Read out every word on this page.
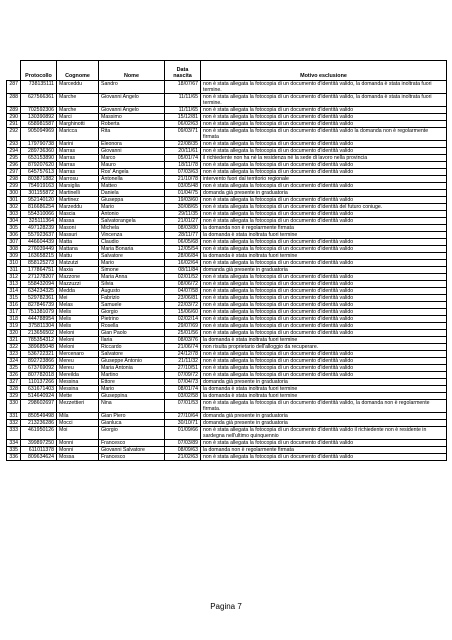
	Protocollo	Cognome	Nome	Data nascita	Motivo esclusione
287	738135111	Marceddu	Sandro	18/07/67	non è stata allegata la fotocopia di un documento d'identità valido, la domanda è stata inoltrata fuori termine.
288	627566361	Marche	Giovanni Angelo	11/11/65	non è stata allegata la fotocopia di un documento d'identità valido, la domanda è stata inoltrata fuori termine.
289	702592306	Marche	Giovanni Angelo	11/11/65	non è stata allegata la fotocopia di un documento d'identità valido
290	130390892	Marci	Massimo	15/12/81	non è stata allegata la fotocopia di un documento d'identità valido
291	658981587	Marghinotti	Roberta	06/02/63	non è stata allegata la fotocopia di un documento d'identità valido
292	905094969	Maricca	Rita	09/03/71	non è stata allegata la fotocopia di un documento d'identità valido la domanda non è regolarmente firmata
293	179790738	Marini	Eleonora	22/08/35	non è stata allegata la fotocopia di un documento d'identità valido
294	289736360	Marras	Giovanni	20/11/61	non è stata allegata la fotocopia di un documento d'identità valido
295	653153890	Marras	Marco	05/01/74	il richiedente non ha né la residenza né la sede di lavoro nella provincia
296	879207620	Marras	Mauro	18/11/78	non è stata allegata la fotocopia di un documento d'identità valido
297	645757613	Marras	Ros' Angela	07/03/63	non è stata allegata la fotocopia di un documento d'identità valido
298	803871882	Marrosu	Antonella	21/10/78	intervento fuori dal territorio regionale
299	754919163	Marsiglia	Matteo	03/05/48	non è stata allegata la fotocopia di un documento d'identità valido
300	301155872	Martinelli	Daniela	01/04/75	domanda già presente in graduatoria
301	952140120	Martinez	Giuseppa	19/03/60	non è stata allegata la fotocopia di un documento d'identità valido
302	816686254	Marzeddu	Mario	30/08/65	non è stata allegata la fotocopia di un documento d'identità del futuro coniuge.
303	554310066	Mascia	Antonio	29/11/35	non è stata allegata la fotocopia di un documento d'identità valido
304	325111364	Massa	Salvatorangela	21/01/27	non è stata allegata la fotocopia di un documento d'identità valido
305	497128239	Masoni	Michela	08/03/80	la domanda non è regolarmente firmata
306	557923637	Massuri	Vincenza	28/11/77	la domanda è stata inoltrata fuori termine
307	446604439	Matta	Claudio	06/05/68	non è stata allegata la fotocopia di un documento d'identità valido
308	276039449	Mattana	Maria Bonaria	12/05/54	non è stata allegata la fotocopia di un documento d'identità valido
309	163658215	Mattu	Salvatore	28/06/84	la domanda è stata inoltrata fuori termine
310	858125273	Matzutzi	Mario	16/02/64	non è stata allegata la fotocopia di un documento d'identità valido
311	177864751	Maxia	Simone	08/11/84	domanda già presente in graduatoria
312	271278207	Mazzone	Maria Anna	02/01/52	non è stata allegata la fotocopia di un documento d'identità valido
313	558432094	Mazzuzzi	Silvia	08/06/72	non è stata allegata la fotocopia di un documento d'identità valido
314	634234325	Medda	Augusto	04/07/58	non è stata allegata la fotocopia di un documento d'identità valido
315	529782361	Mei	Fabrizio	23/06/81	non è stata allegata la fotocopia di un documento d'identità valido
316	827846739	Melas	Samuele	22/03/72	non è stata allegata la fotocopia di un documento d'identità valido
317	751381079	Melis	Giorgio	15/06/60	non è stata allegata la fotocopia di un documento d'identità valido
318	444788954	Melis	Pietrino	02/02/14	non è stata allegata la fotocopia di un documento d'identità valido
319	375811304	Melis	Rosella	29/07/69	non è stata allegata la fotocopia di un documento d'identità valido
320	213656502	Meloni	Gian Paolo	25/01/56	non è stata allegata la fotocopia di un documento d'identità valido
321	785354312	Meloni	Ilaria	08/03/76	la domanda è stata inoltrata fuori termine
322	389685048	Meloni	Riccardo	21/06/74	non risulta proprietario dell'alloggio da recuperare.
323	536722321	Mercenaro	Salvatore	24/12/78	non è stata allegata la fotocopia di un documento d'identità valido
324	892723866	Mereu	Giuseppe Antonio	21/11/32	non è stata allegata la fotocopia di un documento d'identità valido
325	673769092	Mereu	Maria Antonia	27/10/51	non è stata allegata la fotocopia di un documento d'identità valido
326	807782018	Mereilda	Martino	07/09/72	non è stata allegata la fotocopia di un documento d'identità valido
327	110137266	Messina	Ettore	07/04/73	domanda già presente in graduatoria
328	631671403	Messina	Mario	08/01/74	la domanda è stata inoltrata fuori termine
329	514640924	Mette	Giuseppina	03/02/58	la domanda è stata inoltrata fuori termine
330	298602697	Mezzettieri	Nina	07/01/53	non è stata allegata la fotocopia di un documento d'identità valido, la domanda non è regolarmente firmata.
331	850549498	Mila	Gian Piero	27/10/64	domanda già presente in graduatoria
332	213236286	Mocci	Gianluca	30/10/71	domanda già presente in graduatoria
333	461950126	Moi	Giorgio	01/09/66	non è stata allegata la fotocopia di un documento d'identità valido il richiedente non è residente in sardegna nell'ultimo quinquennio
334	399897250	Monni	Francesco	07/03/89	non è stata allegata la fotocopia di un documento d'identità valido
335	611011378	Monni	Giovanni Salvatore	08/09/63	la domanda non è regolarmente firmata
336	809634624	Mossa	Francesco	21/02/63	non è stata allegata la fotocopia di un documento d'identità valido
Pagina 7
